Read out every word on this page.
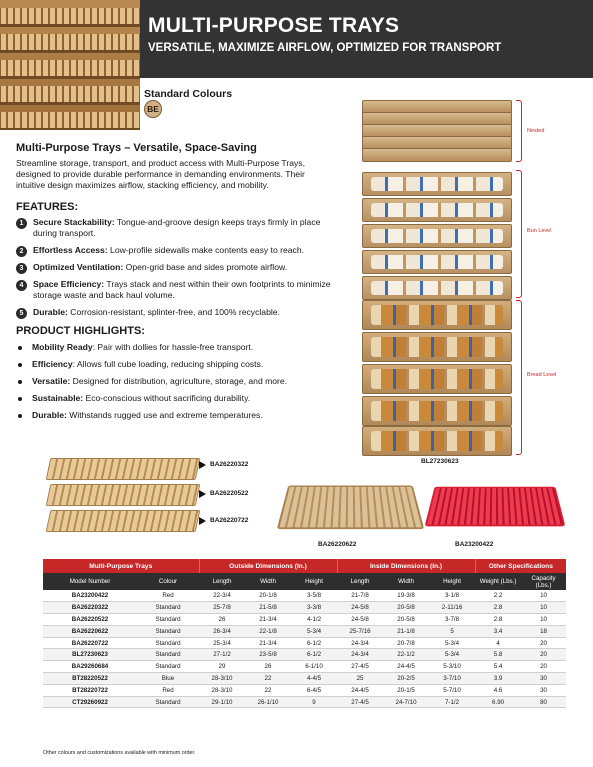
MULTI-PURPOSE TRAYS
VERSATILE, MAXIMIZE AIRFLOW, OPTIMIZED FOR TRANSPORT
Standard Colours
BE
Multi-Purpose Trays – Versatile, Space-Saving

Streamline storage, transport, and product access with Multi-Purpose Trays, designed to provide durable performance in demanding environments. Their intuitive design maximizes airflow, stacking efficiency, and mobility.

FEATURES:
1	Secure Stackability: Tongue-and-groove design keeps trays firmly in place during transport.
2	Effortless Access: Low-profile sidewalls make contents easy to reach.
3	Optimized Ventilation: Open-grid base and sides promote airflow.
4	Space Efficiency: Trays stack and nest within their own footprints to minimize storage waste and back haul volume.
5	Durable: Corrosion-resistant, splinter-free, and 100% recyclable.
PRODUCT HIGHLIGHTS:
Mobility Ready: Pair with dollies for hassle-free transport.
Efficiency: Allows full cube loading, reducing shipping costs.
Versatile: Designed for distribution, agriculture, storage, and more.
Sustainable: Eco-conscious without sacrificing durability.
Durable: Withstands rugged use and extreme temperatures.
Nested
Bun Level
Bread Level
BL27230623
BA26220322
BA26220522
BA26220722
BA26220622	BA23200422
Multi-Purpose Trays		Outside Dimensions (In.)			Inside Dimensions (In.)			Other Specifications	
Model Number	Colour	Length	Width	Height	Length	Width	Height	Weight (Lbs.)	Capacity (Lbs.)
BA23200422	Red	22-3/4	20-1/8	3-5/8	21-7/8	19-3/8	3-1/8	2.2	10
BA26220322	Standard	25-7/8	21-5/8	3-3/8	24-5/8	20-5/8	2-11/16	2.8	10
BA26220522	Standard	26	21-3/4	4-1/2	24-5/8	20-5/8	3-7/8	2.8	10
BA26220622	Standard	26-3/4	22-1/8	5-3/4	25-7/16	21-1/8	5	3.4	18
BA26220722	Standard	25-3/4	21-3/4	6-1/2	24-3/4	20-7/8	5-3/4	4	20
BL27230623	Standard	27-1/2	23-5/8	6-1/2	24-3/4	22-1/2	5-3/4	5.8	20
BA29260684	Standard	29	26	6-1/10	27-4/5	24-4/5	5-3/10	5.4	20
BT28220522	Blue	28-3/10	22	4-4/5	25	20-2/5	3-7/10	3.9	30
BT28220722	Red	28-3/10	22	6-4/5	24-4/5	20-1/5	5-7/10	4.6	30
CT29260922	Standard	29-1/10	26-1/10	9	27-4/5	24-7/10	7-1/2	6.90	80
Other colours and customizations available with minimum order.
